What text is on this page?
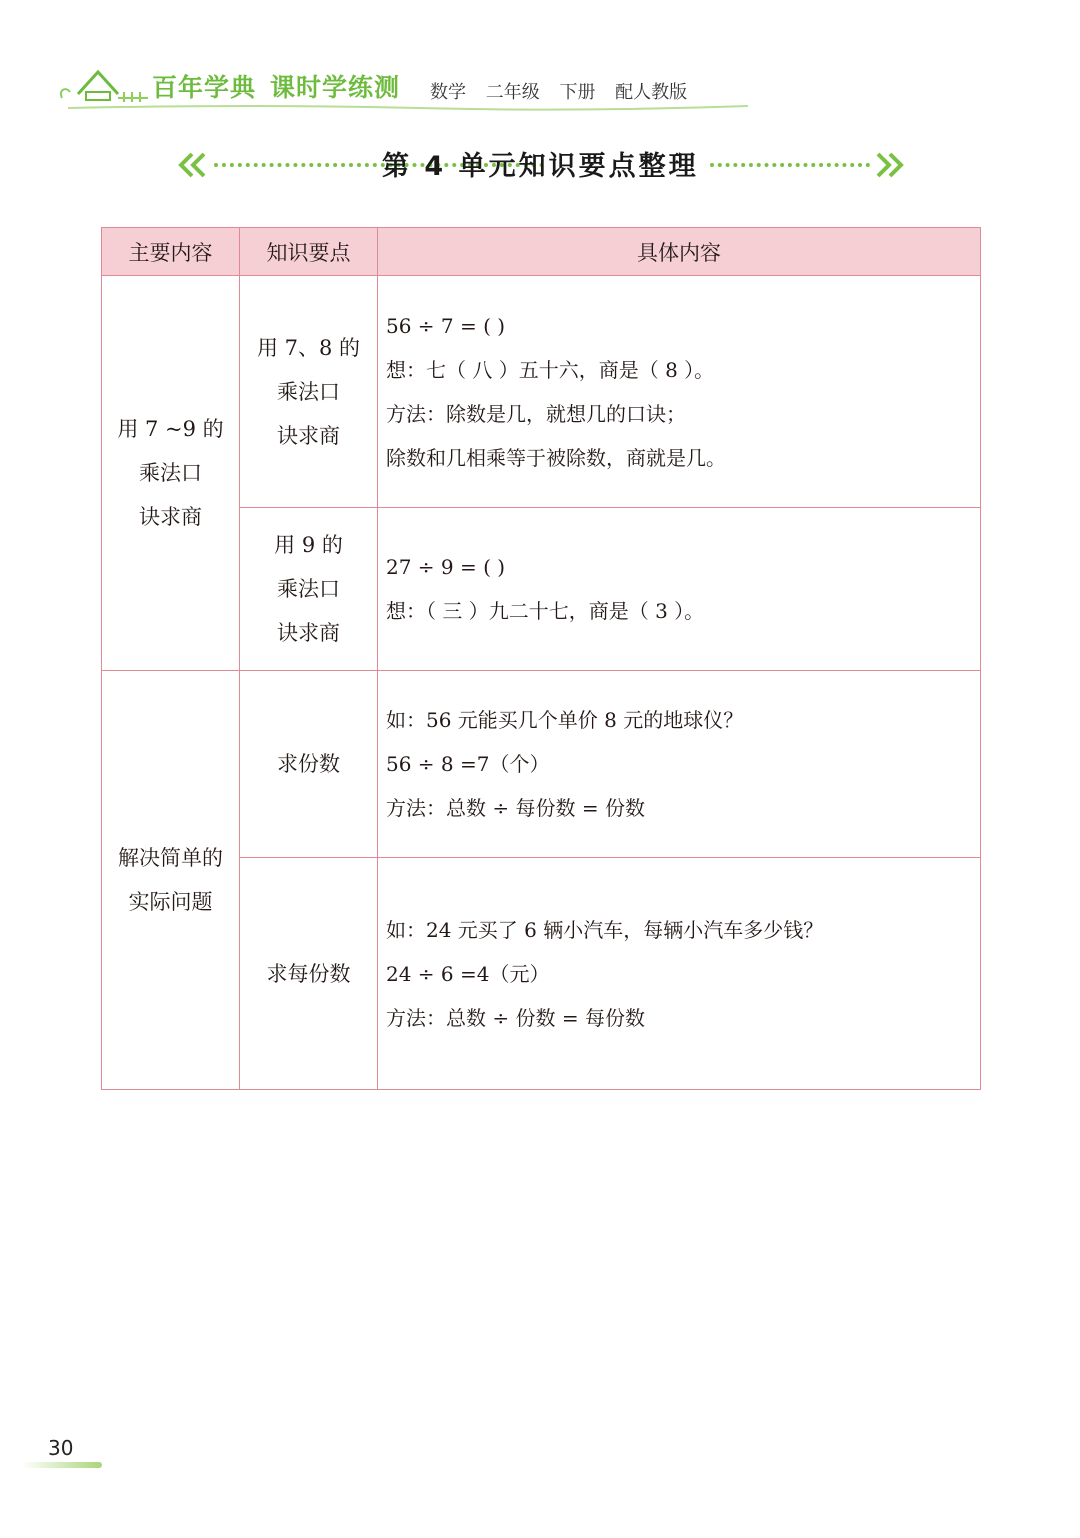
百年学典 课时学练测 数学 二年级 下册 配人教版
第 4 单元知识要点整理
主要内容	知识要点	具体内容

用 7 ~9 的
乘法口
诀求商	用 7、8 的
乘法口
诀求商	56 ÷ 7 = ( )
想：七（ 八 ）五十六，商是（ 8 ）。
方法：除数是几，就想几的口诀；
除数和几相乘等于被除数，商就是几。

	用 9 的
乘法口
诀求商	27 ÷ 9 = ( )
想：（ 三 ）九二十七，商是（ 3 ）。

解决简单的
实际问题	求份数	如：56 元能买几个单价 8 元的地球仪？
56 ÷ 8 =7（个）
方法：总数 ÷ 每份数 = 份数

	求每份数	如：24 元买了 6 辆小汽车，每辆小汽车多少钱？
24 ÷ 6 =4（元）
方法：总数 ÷ 份数 = 每份数
30
